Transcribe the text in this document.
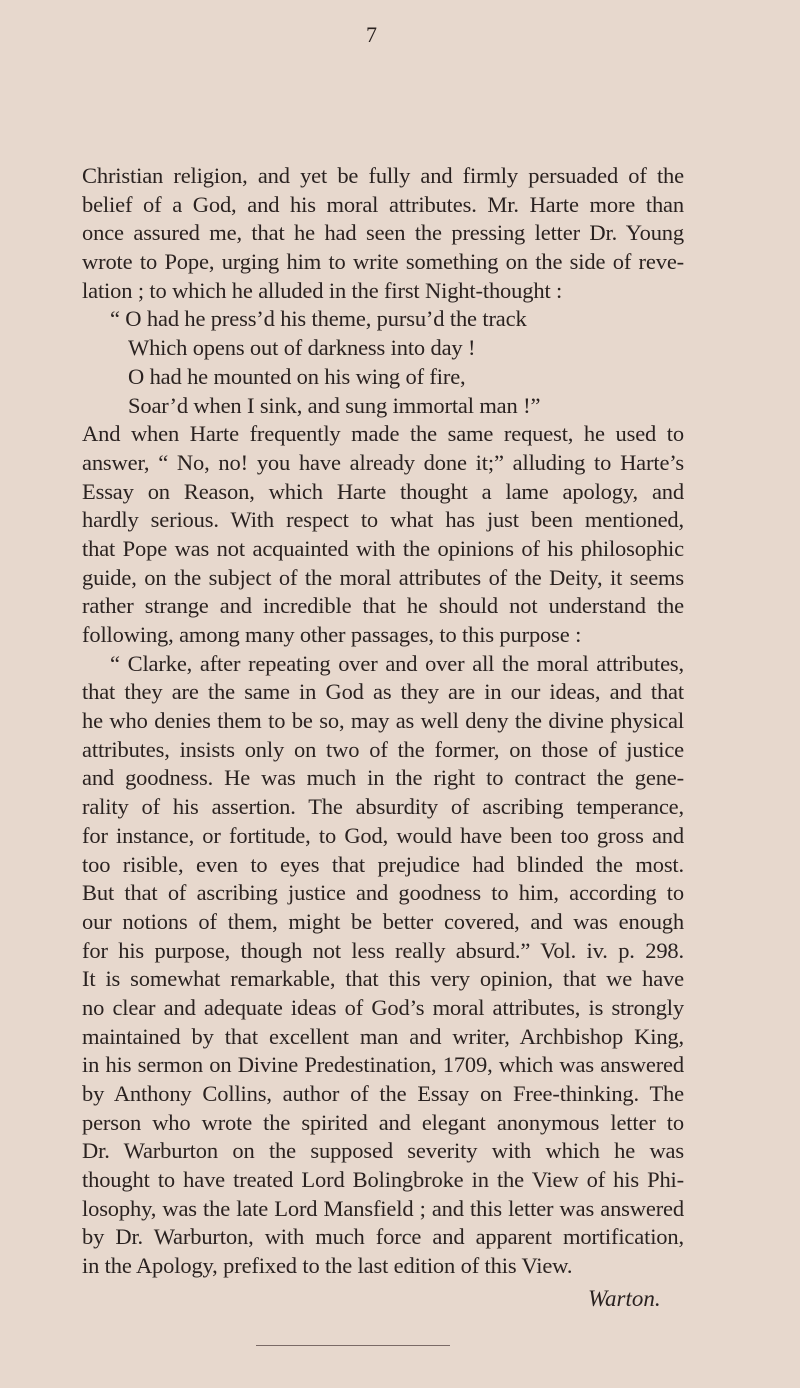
7
Christian religion, and yet be fully and firmly persuaded of the
belief of a God, and his moral attributes. Mr. Harte more than
once assured me, that he had seen the pressing letter Dr. Young
wrote to Pope, urging him to write something on the side of reve-
lation ; to which he alluded in the first Night-thought :
“ O had he press’d his theme, pursu’d the track
Which opens out of darkness into day !
O had he mounted on his wing of fire,
Soar’d when I sink, and sung immortal man !”
And when Harte frequently made the same request, he used to
answer, “ No, no! you have already done it;” alluding to Harte’s
Essay on Reason, which Harte thought a lame apology, and
hardly serious. With respect to what has just been mentioned,
that Pope was not acquainted with the opinions of his philosophic
guide, on the subject of the moral attributes of the Deity, it seems
rather strange and incredible that he should not understand the
following, among many other passages, to this purpose :
“ Clarke, after repeating over and over all the moral attributes,
that they are the same in God as they are in our ideas, and that
he who denies them to be so, may as well deny the divine physical
attributes, insists only on two of the former, on those of justice
and goodness. He was much in the right to contract the gene-
rality of his assertion. The absurdity of ascribing temperance,
for instance, or fortitude, to God, would have been too gross and
too risible, even to eyes that prejudice had blinded the most.
But that of ascribing justice and goodness to him, according to
our notions of them, might be better covered, and was enough
for his purpose, though not less really absurd.” Vol. iv. p. 298.
It is somewhat remarkable, that this very opinion, that we have
no clear and adequate ideas of God’s moral attributes, is strongly
maintained by that excellent man and writer, Archbishop King,
in his sermon on Divine Predestination, 1709, which was answered
by Anthony Collins, author of the Essay on Free-thinking. The
person who wrote the spirited and elegant anonymous letter to
Dr. Warburton on the supposed severity with which he was
thought to have treated Lord Bolingbroke in the View of his Phi-
losophy, was the late Lord Mansfield ; and this letter was answered
by Dr. Warburton, with much force and apparent mortification,
in the Apology, prefixed to the last edition of this View.
Warton.
